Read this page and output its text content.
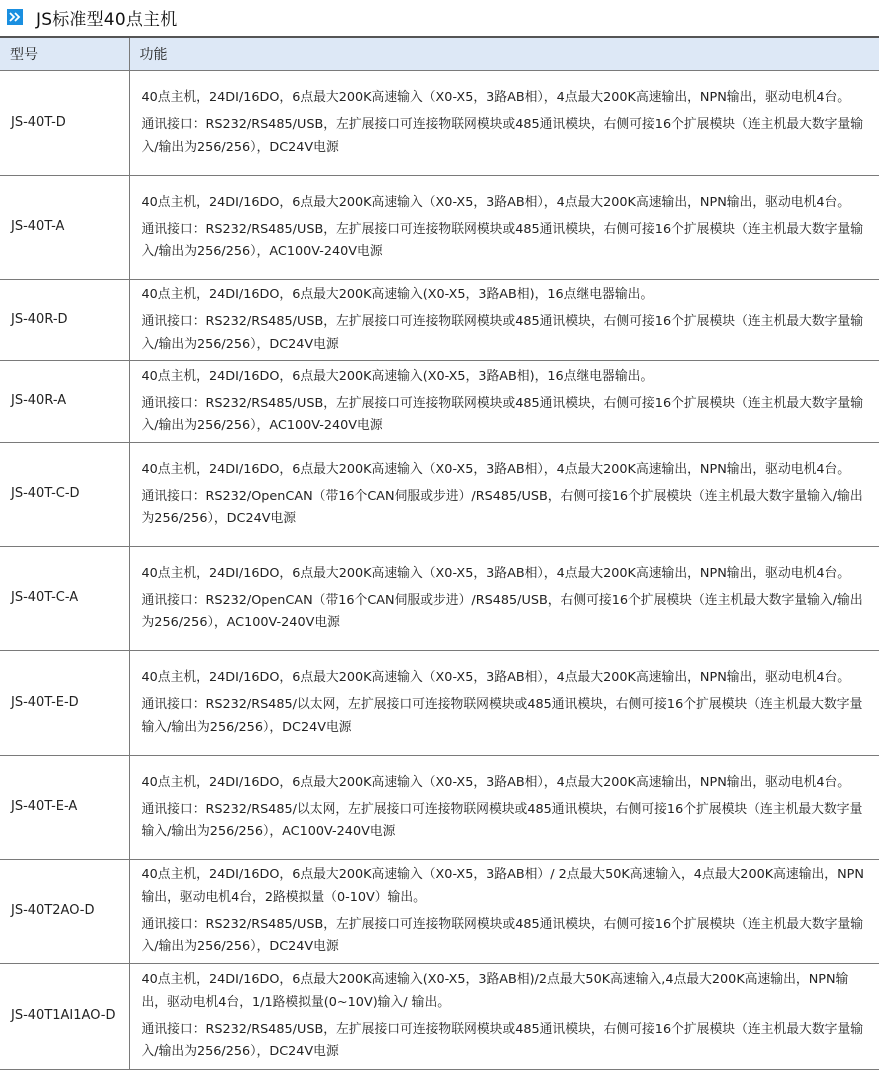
JS标准型40点主机
型号	功能
JS-40T-D	40点主机，24DI/16DO，6点最大200K高速输入（X0-X5，3路AB相），4点最大200K高速输出，NPN输出，驱动电机4台。

通讯接口：RS232/RS485/USB，左扩展接口可连接物联网模块或485通讯模块，右侧可接16个扩展模块（连主机最大数字量输入/输出为256/256），DC24V电源

JS-40T-A	40点主机，24DI/16DO，6点最大200K高速输入（X0-X5，3路AB相），4点最大200K高速输出，NPN输出，驱动电机4台。

通讯接口：RS232/RS485/USB，左扩展接口可连接物联网模块或485通讯模块，右侧可接16个扩展模块（连主机最大数字量输入/输出为256/256），AC100V-240V电源

JS-40R-D	40点主机，24DI/16DO，6点最大200K高速输入(X0-X5，3路AB相)，16点继电器输出。

通讯接口：RS232/RS485/USB，左扩展接口可连接物联网模块或485通讯模块，右侧可接16个扩展模块（连主机最大数字量输入/输出为256/256），DC24V电源

JS-40R-A	40点主机，24DI/16DO，6点最大200K高速输入(X0-X5，3路AB相)，16点继电器输出。

通讯接口：RS232/RS485/USB，左扩展接口可连接物联网模块或485通讯模块，右侧可接16个扩展模块（连主机最大数字量输入/输出为256/256），AC100V-240V电源

JS-40T-C-D	40点主机，24DI/16DO，6点最大200K高速输入（X0-X5，3路AB相），4点最大200K高速输出，NPN输出，驱动电机4台。

通讯接口：RS232/OpenCAN（带16个CAN伺服或步进）/RS485/USB，右侧可接16个扩展模块（连主机最大数字量输入/输出为256/256），DC24V电源

JS-40T-C-A	40点主机，24DI/16DO，6点最大200K高速输入（X0-X5，3路AB相），4点最大200K高速输出，NPN输出，驱动电机4台。

通讯接口：RS232/OpenCAN（带16个CAN伺服或步进）/RS485/USB，右侧可接16个扩展模块（连主机最大数字量输入/输出为256/256），AC100V-240V电源

JS-40T-E-D	40点主机，24DI/16DO，6点最大200K高速输入（X0-X5，3路AB相），4点最大200K高速输出，NPN输出，驱动电机4台。

通讯接口：RS232/RS485/以太网，左扩展接口可连接物联网模块或485通讯模块，右侧可接16个扩展模块（连主机最大数字量输入/输出为256/256），DC24V电源

JS-40T-E-A	40点主机，24DI/16DO，6点最大200K高速输入（X0-X5，3路AB相），4点最大200K高速输出，NPN输出，驱动电机4台。

通讯接口：RS232/RS485/以太网，左扩展接口可连接物联网模块或485通讯模块，右侧可接16个扩展模块（连主机最大数字量输入/输出为256/256），AC100V-240V电源

JS-40T2AO-D	40点主机，24DI/16DO，6点最大200K高速输入（X0-X5，3路AB相）/ 2点最大50K高速输入，4点最大200K高速输出，NPN输出，驱动电机4台，2路模拟量（0-10V）输出。

通讯接口：RS232/RS485/USB，左扩展接口可连接物联网模块或485通讯模块，右侧可接16个扩展模块（连主机最大数字量输入/输出为256/256），DC24V电源

JS-40T1AI1AO-D	40点主机，24DI/16DO，6点最大200K高速输入(X0-X5，3路AB相)/2点最大50K高速输入,4点最大200K高速输出，NPN输出，驱动电机4台，1/1路模拟量(0~10V)输入/ 输出。

通讯接口：RS232/RS485/USB，左扩展接口可连接物联网模块或485通讯模块，右侧可接16个扩展模块（连主机最大数字量输入/输出为256/256），DC24V电源
